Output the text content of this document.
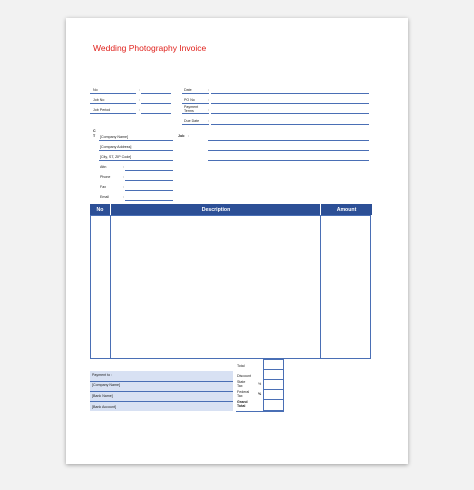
Wedding Photography Invoice
No	:
Job No	:
Job Period	:
Date	:
PO No	:
Payment Terms	:
Due Date :
C
T [Company Name]
[Company Address]
[City, ST, ZIP Code]
Attn	:
Phone	:
Fax	:
Email	:
Job :
No	Description	Amount
Payment to :
[Company Name]
[Bank Name]
[Bank Account]
Total
Discount
State Tax	%
Federal Tax	%
Grand Total
